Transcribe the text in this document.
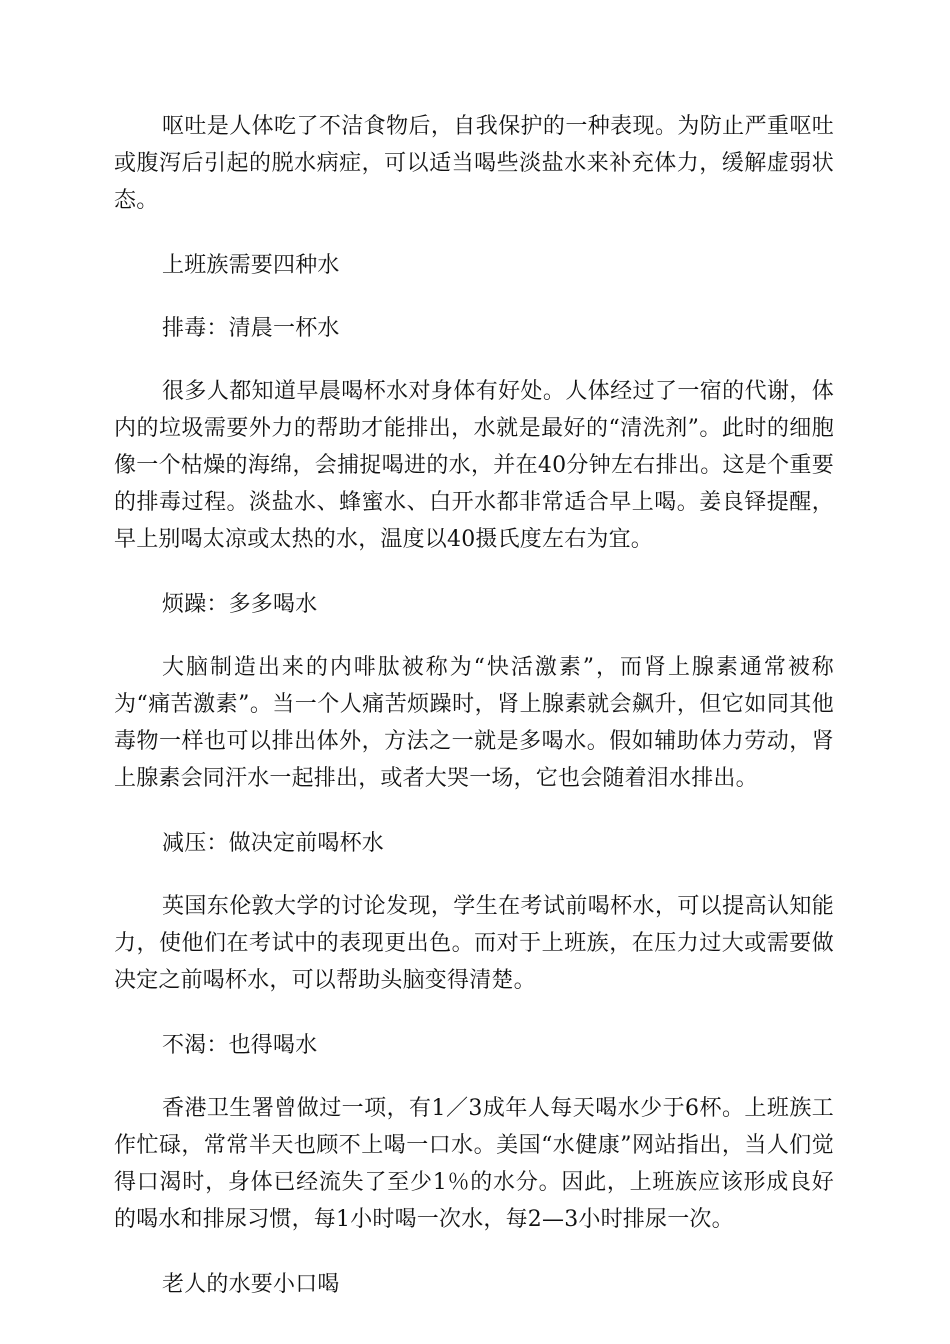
呕吐是人体吃了不洁食物后，自我保护的一种表现。为防止严重呕吐或腹泻后引起的脱水病症，可以适当喝些淡盐水来补充体力，缓解虚弱状态。

上班族需要四种水

排毒：清晨一杯水

很多人都知道早晨喝杯水对身体有好处。人体经过了一宿的代谢，体内的垃圾需要外力的帮助才能排出，水就是最好的“清洗剂”。此时的细胞像一个枯燥的海绵，会捕捉喝进的水，并在40分钟左右排出。这是个重要的排毒过程。淡盐水、蜂蜜水、白开水都非常适合早上喝。姜良铎提醒，早上别喝太凉或太热的水，温度以40摄氏度左右为宜。

烦躁：多多喝水

大脑制造出来的内啡肽被称为“快活激素”，而肾上腺素通常被称为“痛苦激素”。当一个人痛苦烦躁时，肾上腺素就会飙升，但它如同其他毒物一样也可以排出体外，方法之一就是多喝水。假如辅助体力劳动，肾上腺素会同汗水一起排出，或者大哭一场，它也会随着泪水排出。

减压：做决定前喝杯水

英国东伦敦大学的讨论发现，学生在考试前喝杯水，可以提高认知能力，使他们在考试中的表现更出色。而对于上班族，在压力过大或需要做决定之前喝杯水，可以帮助头脑变得清楚。

不渴：也得喝水

香港卫生署曾做过一项，有1／3成年人每天喝水少于6杯。上班族工作忙碌，常常半天也顾不上喝一口水。美国“水健康”网站指出，当人们觉得口渴时，身体已经流失了至少1％的水分。因此，上班族应该形成良好的喝水和排尿习惯，每1小时喝一次水，每2—3小时排尿一次。

老人的水要小口喝
